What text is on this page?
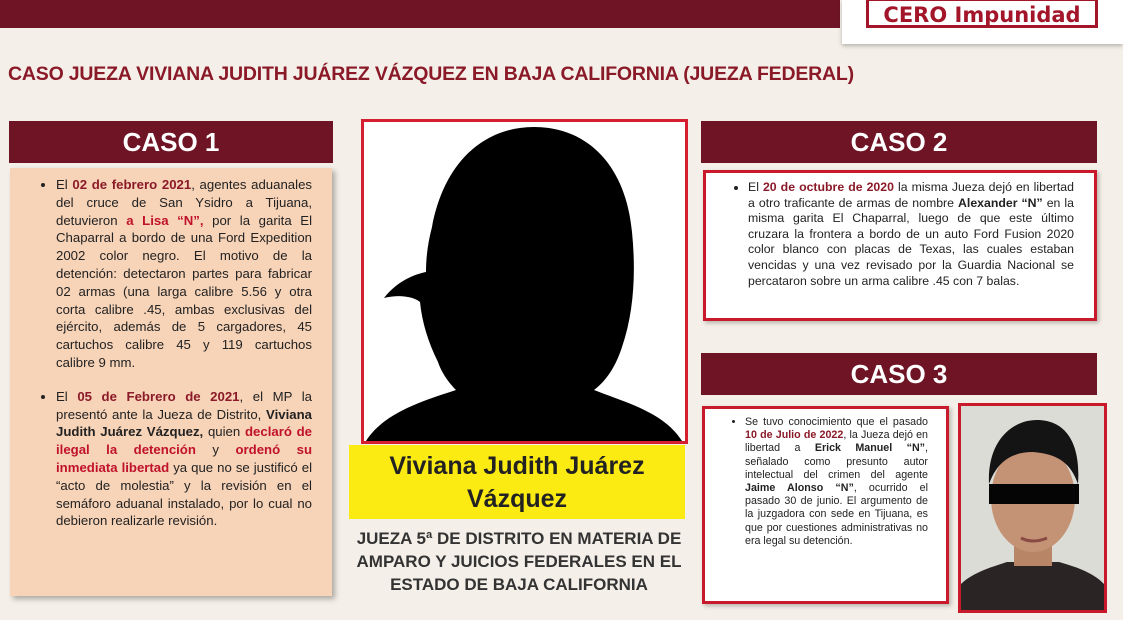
CERO Impunidad
CASO JUEZA VIVIANA JUDITH JUÁREZ VÁZQUEZ EN BAJA CALIFORNIA (JUEZA FEDERAL)
CASO 1
• El 02 de febrero 2021, agentes aduanales del cruce de San Ysidro a Tijuana, detuvieron a Lisa “N”, por la garita El Chaparral a bordo de una Ford Expedition 2002 color negro. El motivo de la detención: detectaron partes para fabricar 02 armas (una larga calibre 5.56 y otra corta calibre .45, ambas exclusivas del ejército, además de 5 cargadores, 45 cartuchos calibre 45 y 119 cartuchos calibre 9 mm.
• El 05 de Febrero de 2021, el MP la presentó ante la Jueza de Distrito, Viviana Judith Juárez Vázquez, quien declaró de ilegal la detención y ordenó su inmediata libertad ya que no se justificó el “acto de molestia” y la revisión en el semáforo aduanal instalado, por lo cual no debieron realizarle revisión.
Viviana Judith Juárez Vázquez
JUEZA 5ª DE DISTRITO EN MATERIA DE AMPARO Y JUICIOS FEDERALES EN EL ESTADO DE BAJA CALIFORNIA
CASO 2
• El 20 de octubre de 2020 la misma Jueza dejó en libertad a otro traficante de armas de nombre Alexander “N” en la misma garita El Chaparral, luego de que este último cruzara la frontera a bordo de un auto Ford Fusion 2020 color blanco con placas de Texas, las cuales estaban vencidas y una vez revisado por la Guardia Nacional se percataron sobre un arma calibre .45 con 7 balas.
CASO 3
• Se tuvo conocimiento que el pasado 10 de Julio de 2022, la Jueza dejó en libertad a Erick Manuel “N”, señalado como presunto autor intelectual del crimen del agente Jaime Alonso “N”, ocurrido el pasado 30 de junio. El argumento de la juzgadora con sede en Tijuana, es que por cuestiones administrativas no era legal su detención.
